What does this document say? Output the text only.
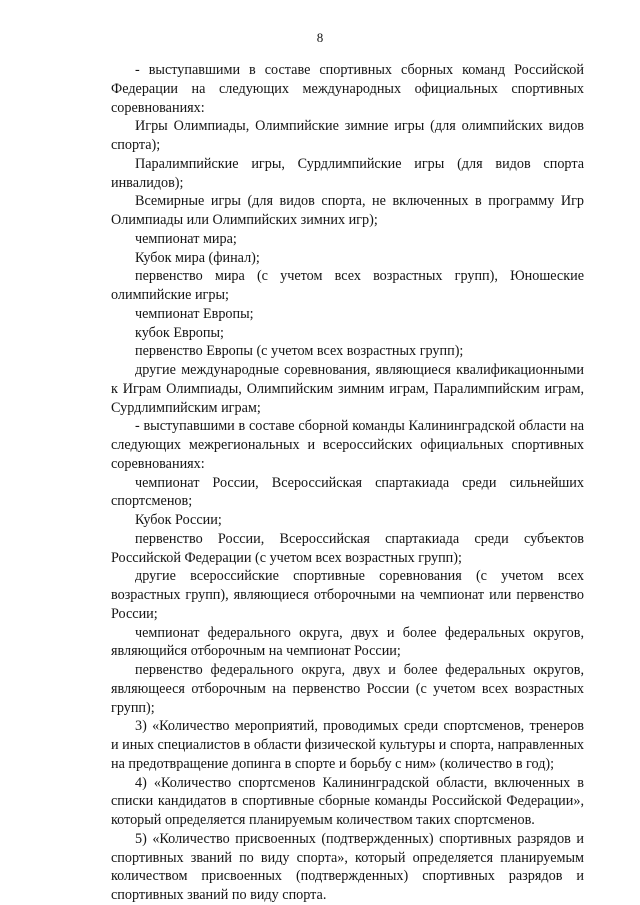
8

- выступавшими в составе спортивных сборных команд Российской Федерации на следующих международных официальных спортивных соревнованиях:

Игры Олимпиады, Олимпийские зимние игры (для олимпийских видов спорта);

Паралимпийские игры, Сурдлимпийские игры (для видов спорта инвалидов);

Всемирные игры (для видов спорта, не включенных в программу Игр Олимпиады или Олимпийских зимних игр);

чемпионат мира;

Кубок мира (финал);

первенство мира (с учетом всех возрастных групп), Юношеские олимпийские игры;

чемпионат Европы;

кубок Европы;

первенство Европы (с учетом всех возрастных групп);

другие международные соревнования, являющиеся квалификационными к Играм Олимпиады, Олимпийским зимним играм, Паралимпийским играм, Сурдлимпийским играм;

- выступавшими в составе сборной команды Калининградской области на следующих межрегиональных и всероссийских официальных спортивных соревнованиях:

чемпионат России, Всероссийская спартакиада среди сильнейших спортсменов;

Кубок России;

первенство России, Всероссийская спартакиада среди субъектов Российской Федерации (с учетом всех возрастных групп);

другие всероссийские спортивные соревнования (с учетом всех возрастных групп), являющиеся отборочными на чемпионат или первенство России;

чемпионат федерального округа, двух и более федеральных округов, являющийся отборочным на чемпионат России;

первенство федерального округа, двух и более федеральных округов, являющееся отборочным на первенство России (с учетом всех возрастных групп);

3) «Количество мероприятий, проводимых среди спортсменов, тренеров и иных специалистов в области физической культуры и спорта, направленных на предотвращение допинга в спорте и борьбу с ним» (количество в год);

4) «Количество спортсменов Калининградской области, включенных в списки кандидатов в спортивные сборные команды Российской Федерации», который определяется планируемым количеством таких спортсменов.

5) «Количество присвоенных (подтвержденных) спортивных разрядов и спортивных званий по виду спорта», который определяется планируемым количеством присвоенных (подтвержденных) спортивных разрядов и спортивных званий по виду спорта.
